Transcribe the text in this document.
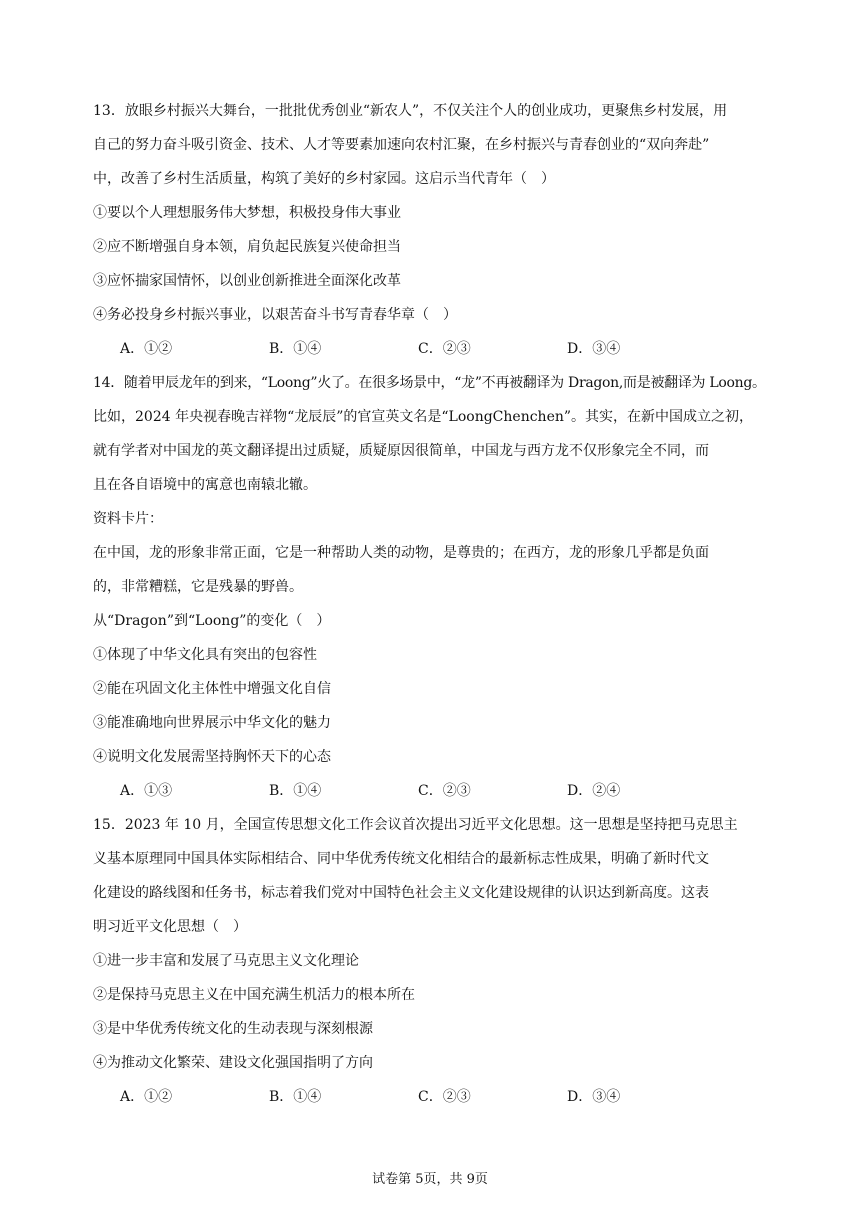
13．放眼乡村振兴大舞台，一批批优秀创业“新农人”，不仅关注个人的创业成功，更聚焦乡村发展，用
自己的努力奋斗吸引资金、技术、人才等要素加速向农村汇聚，在乡村振兴与青春创业的“双向奔赴”
中，改善了乡村生活质量，构筑了美好的乡村家园。这启示当代青年（　）
①要以个人理想服务伟大梦想，积极投身伟大事业
②应不断增强自身本领，肩负起民族复兴使命担当
③应怀揣家国情怀，以创业创新推进全面深化改革
④务必投身乡村振兴事业，以艰苦奋斗书写青春华章（　）
A．①②	B．①④	C．②③	D．③④
14．随着甲辰龙年的到来，“Loong”火了。在很多场景中，“龙”不再被翻译为 Dragon,而是被翻译为 Loong。
比如，2024 年央视春晚吉祥物“龙辰辰”的官宣英文名是“LoongChenchen”。其实，在新中国成立之初，
就有学者对中国龙的英文翻译提出过质疑，质疑原因很简单，中国龙与西方龙不仅形象完全不同，而
且在各自语境中的寓意也南辕北辙。
资料卡片：
在中国，龙的形象非常正面，它是一种帮助人类的动物，是尊贵的；在西方，龙的形象几乎都是负面
的，非常糟糕，它是残暴的野兽。
从“Dragon”到“Loong”的变化（　）
①体现了中华文化具有突出的包容性
②能在巩固文化主体性中增强文化自信
③能准确地向世界展示中华文化的魅力
④说明文化发展需坚持胸怀天下的心态
A．①③	B．①④	C．②③	D．②④
15．2023 年 10 月，全国宣传思想文化工作会议首次提出习近平文化思想。这一思想是坚持把马克思主
义基本原理同中国具体实际相结合、同中华优秀传统文化相结合的最新标志性成果，明确了新时代文
化建设的路线图和任务书，标志着我们党对中国特色社会主义文化建设规律的认识达到新高度。这表
明习近平文化思想（　）
①进一步丰富和发展了马克思主义文化理论
②是保持马克思主义在中国充满生机活力的根本所在
③是中华优秀传统文化的生动表现与深刻根源
④为推动文化繁荣、建设文化强国指明了方向
A．①②	B．①④	C．②③	D．③④
试卷第 5页，共 9页
